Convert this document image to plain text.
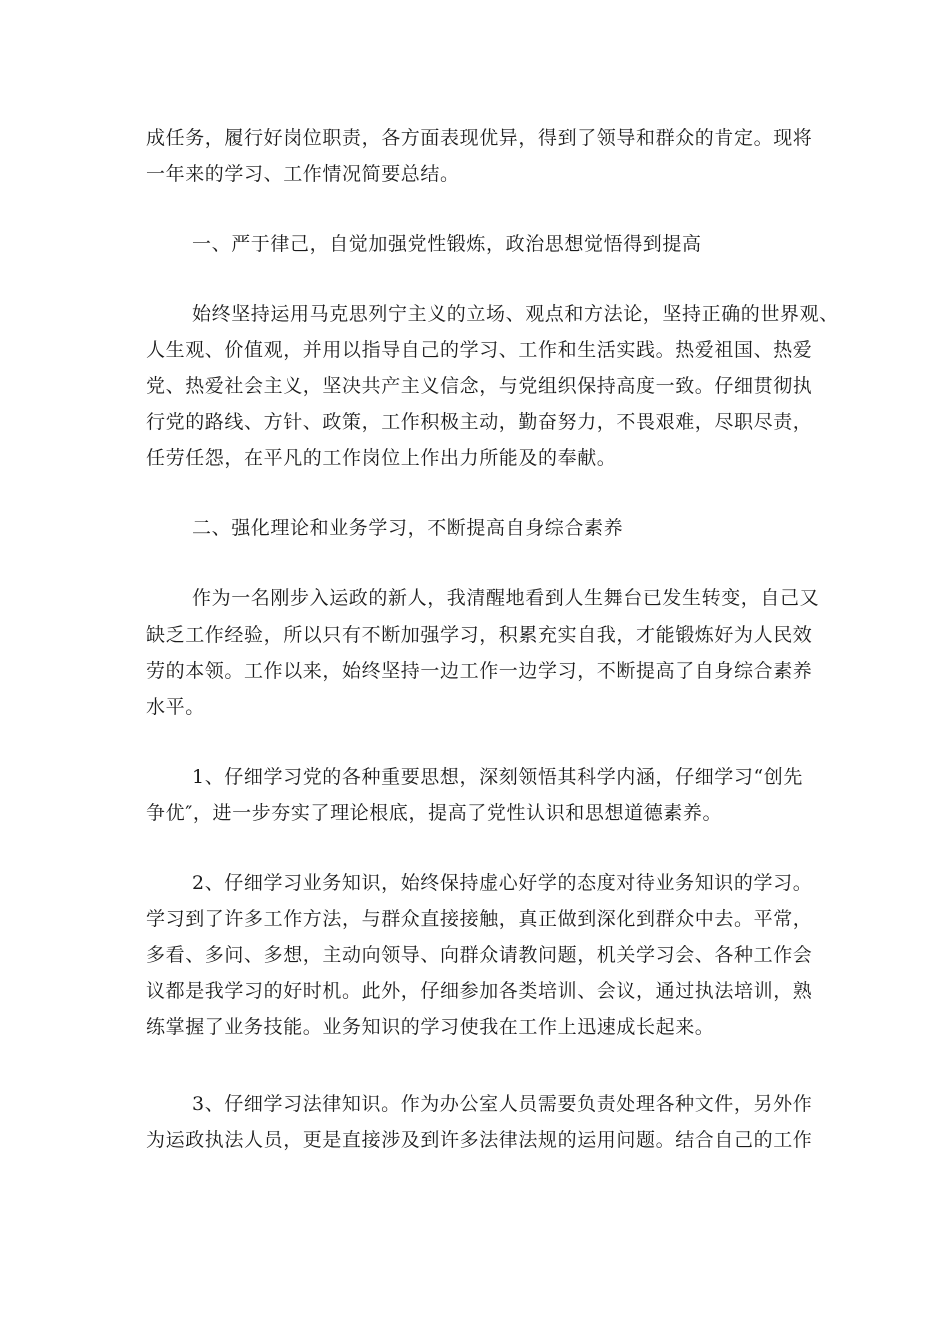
成任务，履行好岗位职责，各方面表现优异，得到了领导和群众的肯定。现将
一年来的学习、工作情况简要总结。
一、严于律己，自觉加强党性锻炼，政治思想觉悟得到提高
始终坚持运用马克思列宁主义的立场、观点和方法论，坚持正确的世界观、
人生观、价值观，并用以指导自己的学习、工作和生活实践。热爱祖国、热爱
党、热爱社会主义，坚决共产主义信念，与党组织保持高度一致。仔细贯彻执
行党的路线、方针、政策，工作积极主动，勤奋努力，不畏艰难，尽职尽责，
任劳任怨，在平凡的工作岗位上作出力所能及的奉献。
二、强化理论和业务学习，不断提高自身综合素养
作为一名刚步入运政的新人，我清醒地看到人生舞台已发生转变，自己又
缺乏工作经验，所以只有不断加强学习，积累充实自我，才能锻炼好为人民效
劳的本领。工作以来，始终坚持一边工作一边学习，不断提高了自身综合素养
水平。
1、仔细学习党的各种重要思想，深刻领悟其科学内涵，仔细学习“创先
争优″，进一步夯实了理论根底，提高了党性认识和思想道德素养。
2、仔细学习业务知识，始终保持虚心好学的态度对待业务知识的学习。
学习到了许多工作方法，与群众直接接触，真正做到深化到群众中去。平常，
多看、多问、多想，主动向领导、向群众请教问题，机关学习会、各种工作会
议都是我学习的好时机。此外，仔细参加各类培训、会议，通过执法培训，熟
练掌握了业务技能。业务知识的学习使我在工作上迅速成长起来。
3、仔细学习法律知识。作为办公室人员需要负责处理各种文件，另外作
为运政执法人员，更是直接涉及到许多法律法规的运用问题。结合自己的工作
